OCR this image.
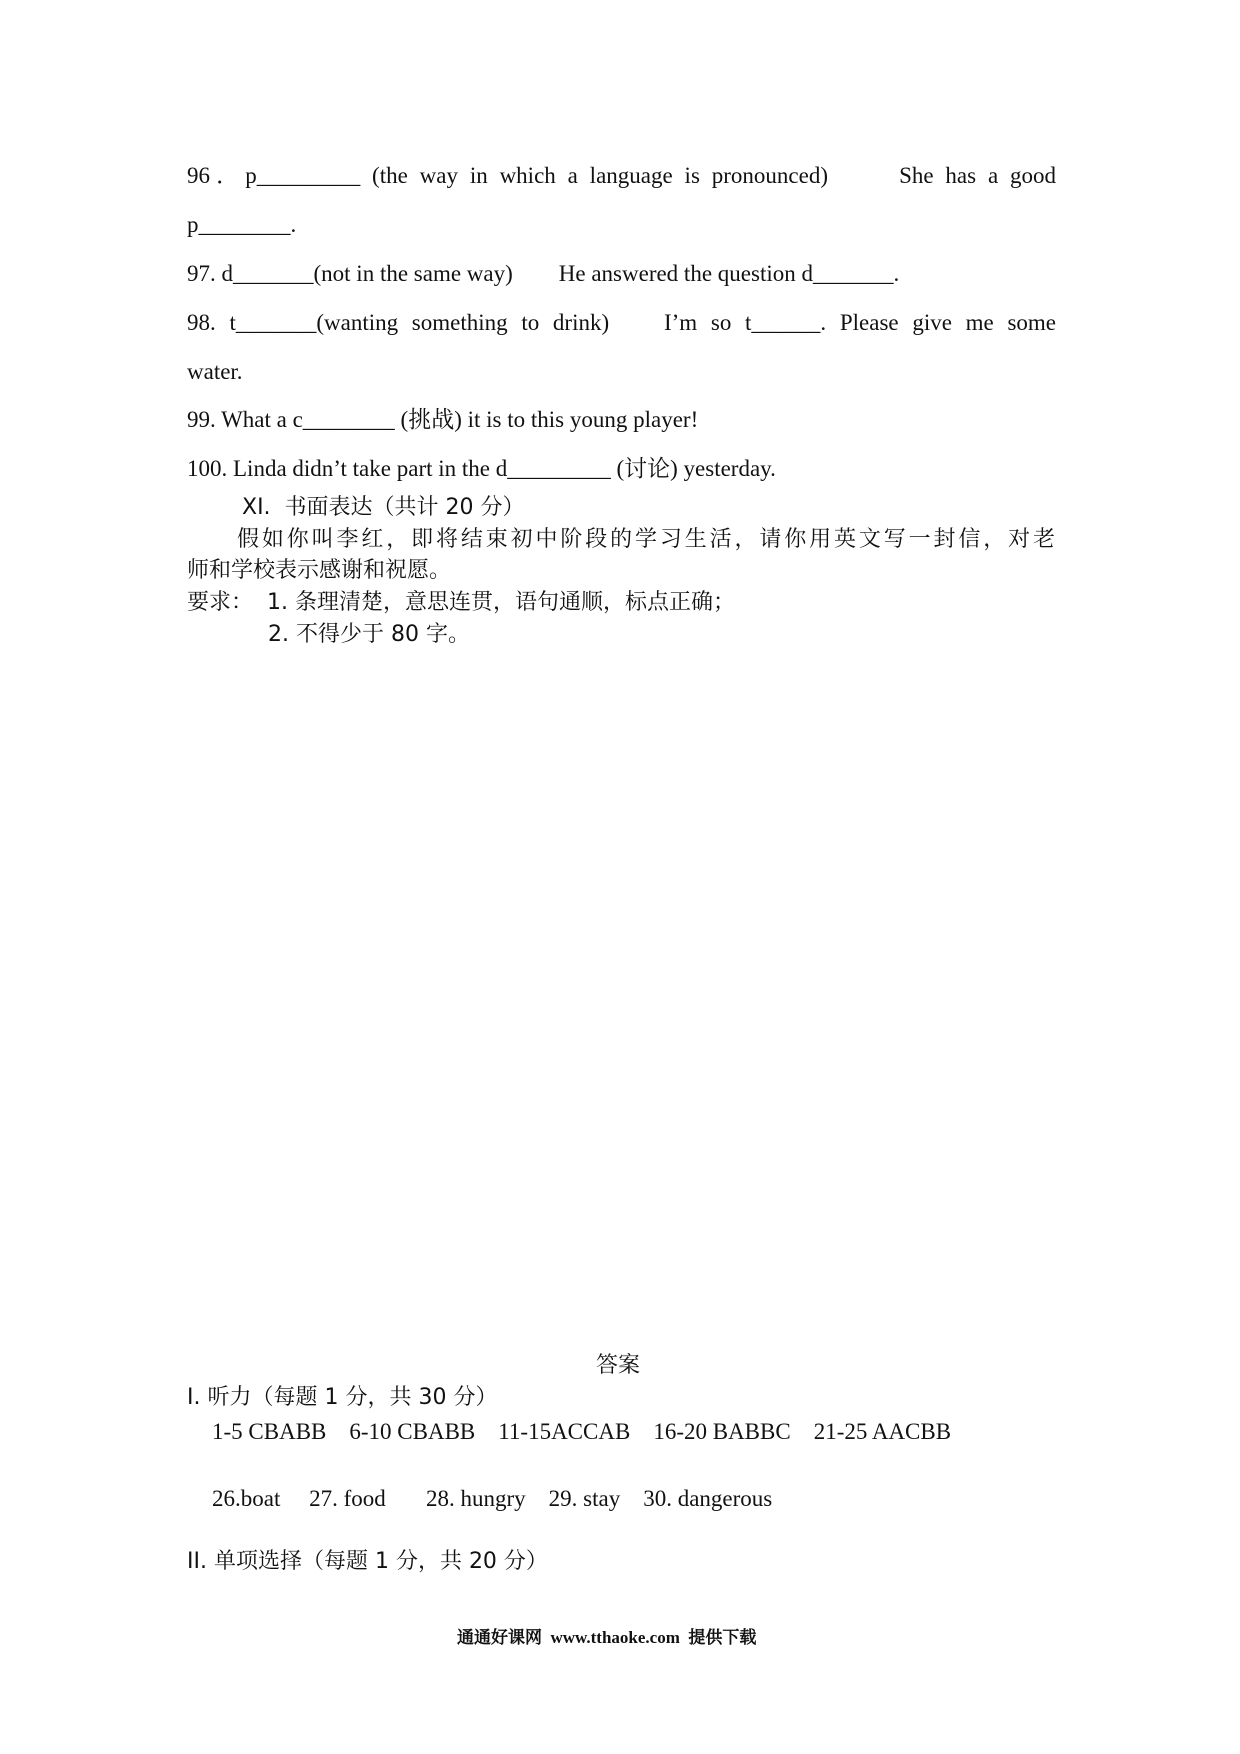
96．p_________ (the way in which a language is pronounced)      She has a good
p________.
97. d_______(not in the same way)        He answered the question d_______.
98. t_______(wanting something to drink)    I’m so t______. Please give me some
water.
99. What a c________ (挑战) it is to this young player!
100. Linda didn’t take part in the d_________ (讨论) yesterday.
XI.  书面表达（共计 20 分）
假如你叫李红，即将结束初中阶段的学习生活，请你用英文写一封信，对老
师和学校表示感谢和祝愿。
要求：  1. 条理清楚，意思连贯，语句通顺，标点正确；
2. 不得少于 80 字。
答案
I. 听力（每题 1 分，共 30 分）
1-5 CBABB    6-10 CBABB    11-15ACCAB    16-20 BABBC    21-25 AACBB
26.boat     27. food       28. hungry    29. stay    30. dangerous
II. 单项选择（每题 1 分，共 20 分）
通通好课网  www.tthaoke.com  提供下载
